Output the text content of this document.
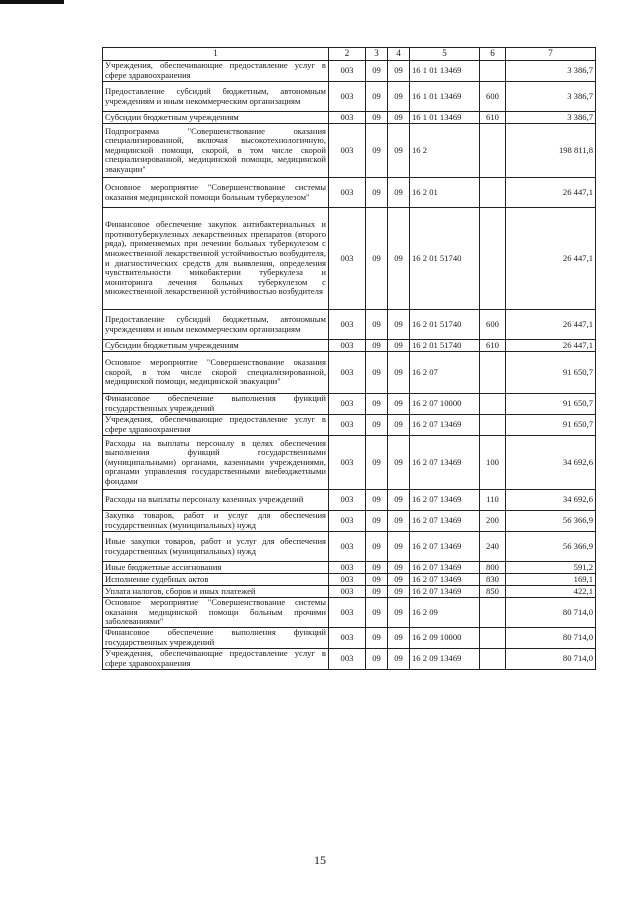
1	2	3	4	5	6	7
Учреждения, обеспечивающие предоставление услуг в сфере здравоохранения	003	09	09	16 1 01 13469		3 386,7
Предоставление субсидий бюджетным, автономным учреждениям и иным некоммерческим организациям	003	09	09	16 1 01 13469	600	3 386,7
Субсидии бюджетным учреждениям	003	09	09	16 1 01 13469	610	3 386,7
Подпрограмма "Совершенствование оказания специализированной, включая высокотехнологичную, медицинской помощи, скорой, в том числе скорой специализированной, медицинской помощи, медицинской эвакуации"	003	09	09	16 2		198 811,8
Основное мероприятие "Совершенствование системы оказания медицинской помощи больным туберкулезом"	003	09	09	16 2 01		26 447,1
Финансовое обеспечение закупок антибактериальных и противотуберкулезных лекарственных препаратов (второго ряда), применяемых при лечении больных туберкулезом с множественной лекарственной устойчивостью возбудителя, и диагностических средств для выявления, определения чувствительности микобактерии туберкулеза и мониторинга лечения больных туберкулезом с множественной лекарственной устойчивостью возбудителя	003	09	09	16 2 01 51740		26 447,1
Предоставление субсидий бюджетным, автономным учреждениям и иным некоммерческим организациям	003	09	09	16 2 01 51740	600	26 447,1
Субсидии бюджетным учреждениям	003	09	09	16 2 01 51740	610	26 447,1
Основное мероприятие "Совершенствование оказания скорой, в том числе скорой специализированной, медицинской помощи, медицинской эвакуации"	003	09	09	16 2 07		91 650,7
Финансовое обеспечение выполнения функций государственных учреждений	003	09	09	16 2 07 10000		91 650,7
Учреждения, обеспечивающие предоставление услуг в сфере здравоохранения	003	09	09	16 2 07 13469		91 650,7
Расходы на выплаты персоналу в целях обеспечения выполнения функций государственными (муниципальными) органами, казенными учреждениями, органами управления государственными внебюджетными фондами	003	09	09	16 2 07 13469	100	34 692,6
Расходы на выплаты персоналу казенных учреждений	003	09	09	16 2 07 13469	110	34 692,6
Закупка товаров, работ и услуг для обеспечения государственных (муниципальных) нужд	003	09	09	16 2 07 13469	200	56 366,9
Иные закупки товаров, работ и услуг для обеспечения государственных (муниципальных) нужд	003	09	09	16 2 07 13469	240	56 366,9
Иные бюджетные ассигнования	003	09	09	16 2 07 13469	800	591,2
Исполнение судебных актов	003	09	09	16 2 07 13469	830	169,1
Уплата налогов, сборов и иных платежей	003	09	09	16 2 07 13469	850	422,1
Основное мероприятие "Совершенствование системы оказания медицинской помощи больным прочими заболеваниями"	003	09	09	16 2 09		80 714,0
Финансовое обеспечение выполнения функций государственных учреждений	003	09	09	16 2 09 10000		80 714,0
Учреждения, обеспечивающие предоставление услуг в сфере здравоохранения	003	09	09	16 2 09 13469		80 714,0
15
